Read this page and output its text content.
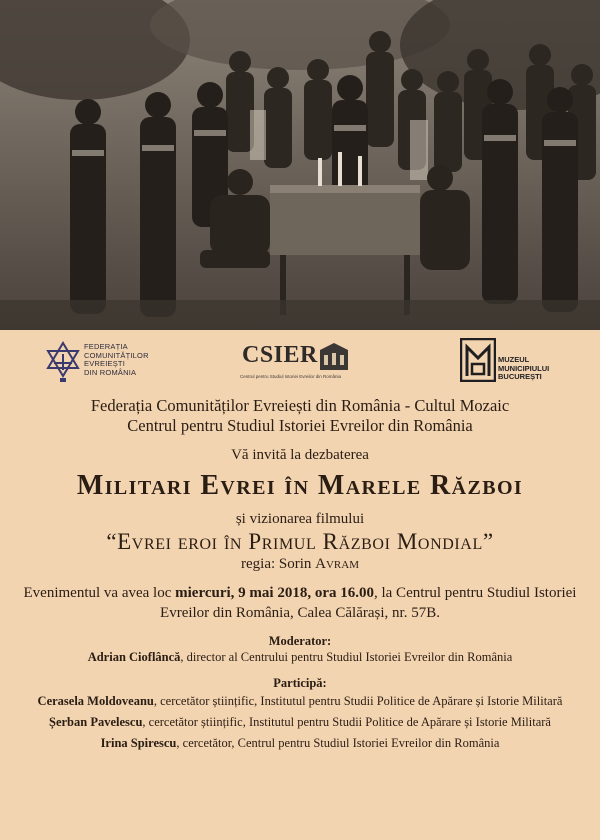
FEDERAȚIA
COMUNITĂȚILOR
EVREIEȘTI
DIN ROMÂNIA
CSIER
Centrul pentru Studiul Istoriei Evreilor din România
MUZEUL
MUNICIPIULUI
BUCUREȘTI
Federația Comunităților Evreiești din România - Cultul Mozaic
Centrul pentru Studiul Istoriei Evreilor din România
Vă invită la dezbaterea
Militari Evrei în Marele Război
și vizionarea filmului
“Evrei eroi în Primul Război Mondial”
regia: Sorin Avram
Evenimentul va avea loc miercuri, 9 mai 2018, ora 16.00, la Centrul pentru Studiul Istoriei Evreilor din România, Calea Călărași, nr. 57B.
Moderator:
Adrian Cioflâncă, director al Centrului pentru Studiul Istoriei Evreilor din România
Participă:
Cerasela Moldoveanu, cercetător științific, Institutul pentru Studii Politice de Apărare și Istorie Militară
Șerban Pavelescu, cercetător științific, Institutul pentru Studii Politice de Apărare și Istorie Militară
Irina Spirescu, cercetător, Centrul pentru Studiul Istoriei Evreilor din România
